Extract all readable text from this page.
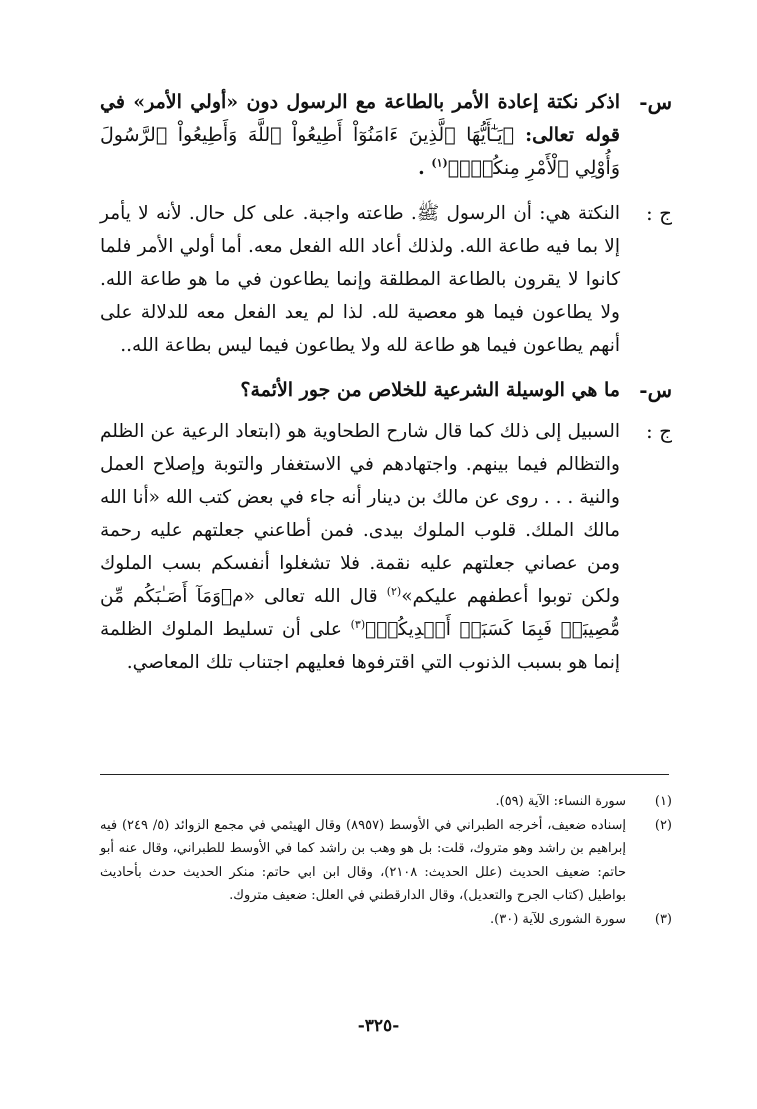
س-
اذكر نكتة إعادة الأمر بالطاعة مع الرسول دون «أولي الأمر» في قوله تعالى: ﴿يَـٰٓأَيُّهَا ٱلَّذِينَ ءَامَنُوٓاْ أَطِيعُواْ ٱللَّهَ وَأَطِيعُواْ ٱلرَّسُولَ وَأُوْلِي ٱلْأَمْرِ مِنكُمْۖ﴾$^{(١)}$ .
ج :
النكتة هي: أن الرسول ﷺ. طاعته واجبة. على كل حال. لأنه لا يأمر إلا بما فيه طاعة الله. ولذلك أعاد الله الفعل معه. أما أولي الأمر فلما كانوا لا يقرون بالطاعة المطلقة وإنما يطاعون في ما هو طاعة الله. ولا يطاعون فيما هو معصية لله. لذا لم يعد الفعل معه للدلالة على أنهم يطاعون فيما هو طاعة لله ولا يطاعون فيما ليس بطاعة الله..
س-
ما هي الوسيلة الشرعية للخلاص من جور الأئمة؟
ج :
السبيل إلى ذلك كما قال شارح الطحاوية هو (ابتعاد الرعية عن الظلم والتظالم فيما بينهم. واجتهادهم في الاستغفار والتوبة وإصلاح العمل والنية . . . روى عن مالك بن دينار أنه جاء في بعض كتب الله «أنا الله مالك الملك. قلوب الملوك بيدى. فمن أطاعني جعلتهم عليه رحمة ومن عصاني جعلتهم عليه نقمة. فلا تشغلوا أنفسكم بسب الملوك ولكن توبوا أعطفهم عليكم»$^{(٢)}$ قال الله تعالى «م﴿وَمَآ أَصَـٰبَكُم مِّن مُّصِيبَةٖ فَبِمَا كَسَبَتۡ أَيۡدِيكُمۡ﴾$^{(٣)}$ على أن تسليط الملوك الظلمة إنما هو بسبب الذنوب التي اقترفوها فعليهم اجتناب تلك المعاصي.
(١)
سورة النساء: الآية (٥٩).
(٢)
إسناده ضعيف، أخرجه الطبراني في الأوسط (٨٩٥٧) وقال الهيثمي في مجمع الزوائد (٥/ ٢٤٩) فيه إبراهيم بن راشد وهو متروك، قلت: بل هو وهب بن راشد كما في الأوسط للطبراني، وقال عنه أبو حاتم: ضعيف الحديث (علل الحديث: ٢١٠٨)، وقال ابن ابي حاتم: منكر الحديث حدث بأحاديث بواطيل (كتاب الجرح والتعديل)، وقال الدارقطني في العلل: ضعيف متروك.
(٣)
سورة الشورى للآية (٣٠).
-٣٢٥-
